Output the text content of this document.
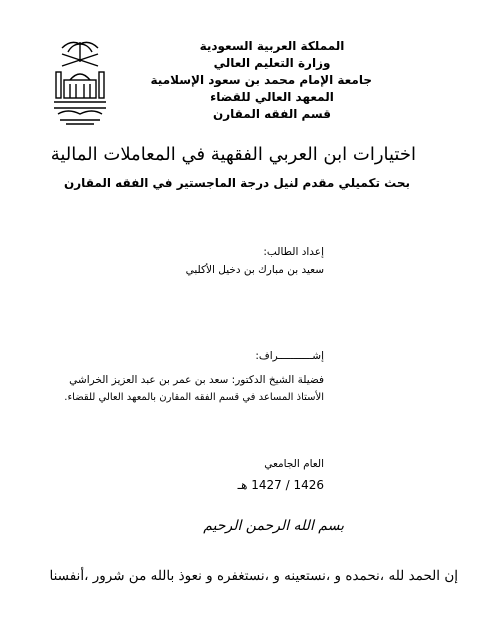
المملكة العربية السعودية
وزارة التعليم العالي
جامعة الإمام محمد بن سعود الإسلامية
المعهد العالي للقضاء
قسم الفقه المقارن
اختيارات ابن العربي الفقهية في المعاملات المالية
بحث تكميلي مقدم لنيل درجة الماجستير في الفقه المقارن
إعداد الطالب:
سعيد بن مبارك بن دخيل الأكلبي
إشـــــــــــراف:
فضيلة الشيخ الدكتور: سعد بن عمر بن عبد العزيز الخراشي
الأستاذ المساعد في قسم الفقه المقارن بالمعهد العالي للقضاء.
العام الجامعي
1426 / 1427 هـ
بسم الله الرحمن الرحيم
إن الحمد لله ،نحمده و ،نستعينه و ،نستغفره و نعوذ بالله من شرور ،أنفسنا
